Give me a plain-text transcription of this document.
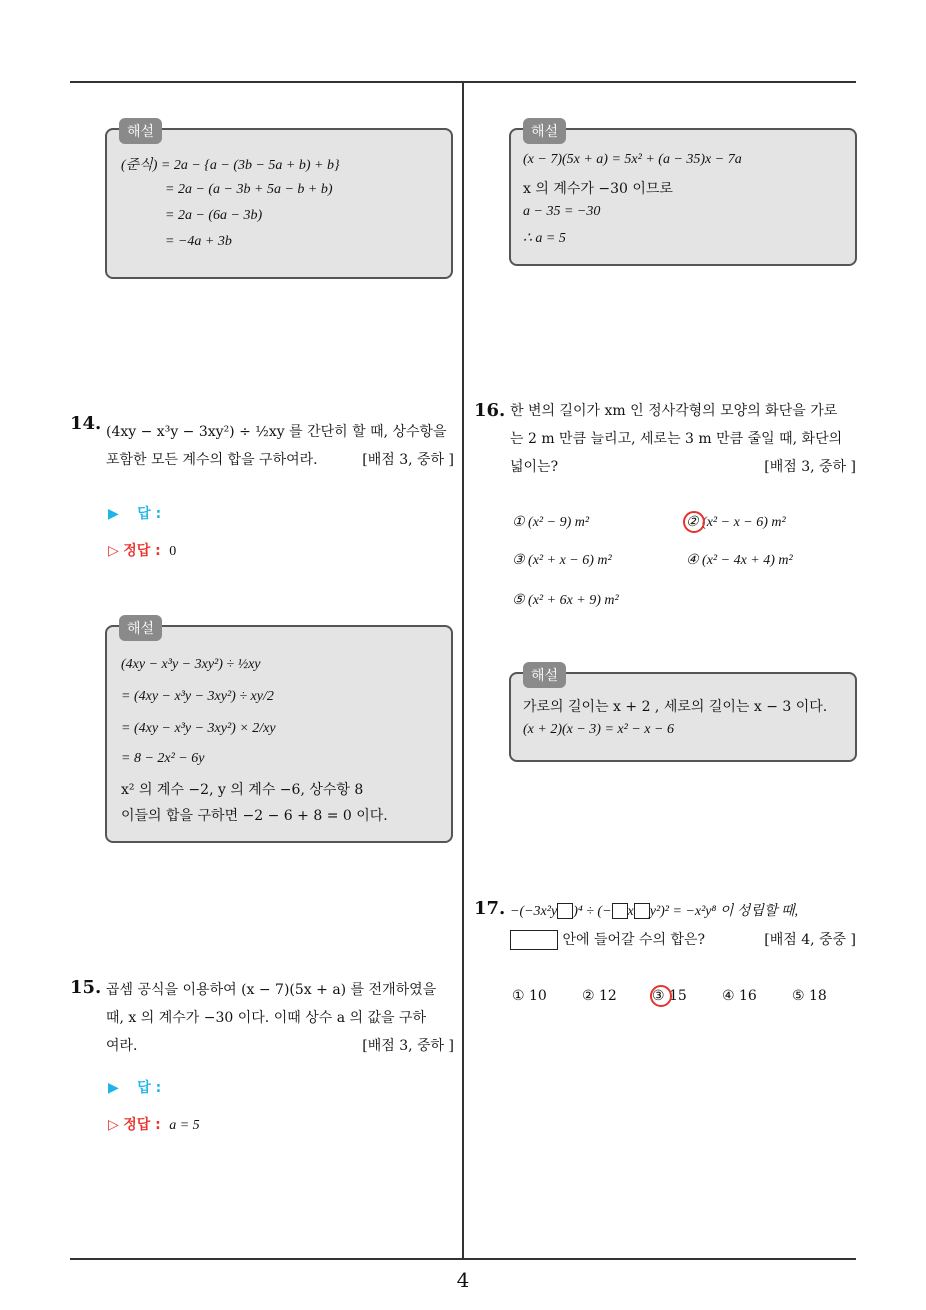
해설
(준식) = 2a − {a − (3b − 5a + b) + b}
= 2a − (a − 3b + 5a − b + b)
= 2a − (6a − 3b)
= −4a + 3b
14. (4xy − x³y − 3xy²) ÷ ½xy 를 간단히 할 때, 상수항을
포함한 모든 계수의 합을 구하여라.	[배점 3, 중하 ]
▶ 답 :
▷ 정답 : 0
해설
(4xy − x³y − 3xy²) ÷ ½xy
= (4xy − x³y − 3xy²) ÷ xy/2
= (4xy − x³y − 3xy²) × 2/xy
= 8 − 2x² − 6y
x² 의 계수 −2, y 의 계수 −6, 상수항 8
이들의 합을 구하면 −2 − 6 + 8 = 0 이다.
15. 곱셈 공식을 이용하여 (x − 7)(5x + a) 를 전개하였을
때, x 의 계수가 −30 이다. 이때 상수 a 의 값을 구하
여라.	[배점 3, 중하 ]
▶ 답 :
▷ 정답 : a = 5
해설
(x − 7)(5x + a) = 5x² + (a − 35)x − 7a
x 의 계수가 −30 이므로
a − 35 = −30
∴ a = 5
16. 한 변의 길이가 xm 인 정사각형의 모양의 화단을 가로
는 2 m 만큼 늘리고, 세로는 3 m 만큼 줄일 때, 화단의
넓이는?	[배점 3, 중하 ]
① (x² − 9) m²	② (x² − x − 6) m²
③ (x² + x − 6) m²	④ (x² − 4x + 4) m²
⑤ (x² + 6x + 9) m²
해설
가로의 길이는 x + 2 , 세로의 길이는 x − 3 이다.
(x + 2)(x − 3) = x² − x − 6
17. −(−3x²y )⁴ ÷ (− x y²)² = −x²y⁸ 이 성립할 때,
안에 들어갈 수의 합은?	[배점 4, 중중 ]
① 10	② 12	③ 15	④ 16	⑤ 18
4
